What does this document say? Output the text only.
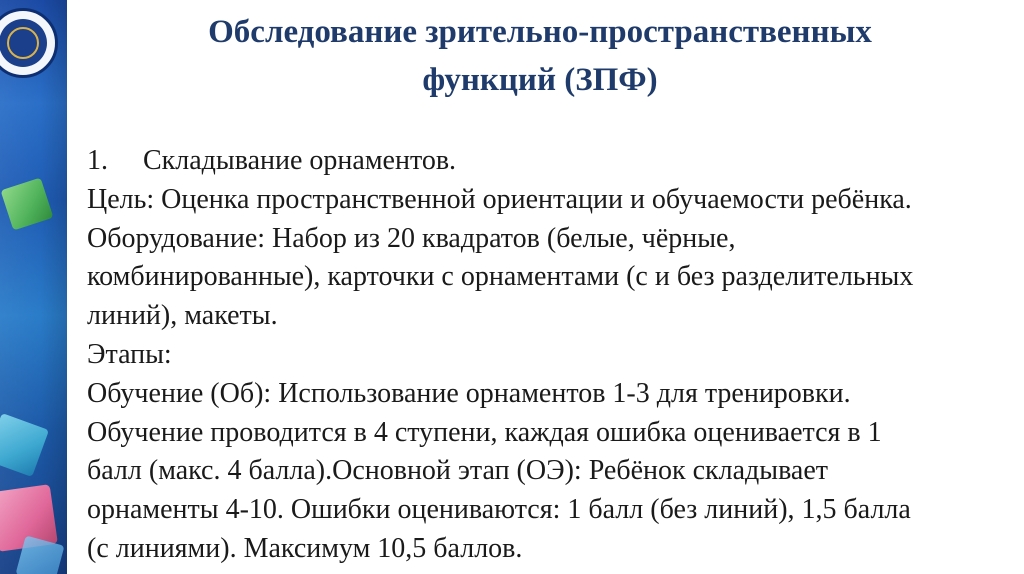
Обследование зрительно-пространственных
функций (ЗПФ)
1. Складывание орнаментов.
Цель: Оценка пространственной ориентации и обучаемости ребёнка.
Оборудование: Набор из 20 квадратов (белые, чёрные,
комбинированные), карточки с орнаментами (с и без разделительных
линий), макеты.
Этапы:
Обучение (Об): Использование орнаментов 1-3 для тренировки.
Обучение проводится в 4 ступени, каждая ошибка оценивается в 1
балл (макс. 4 балла).Основной этап (ОЭ): Ребёнок складывает
орнаменты 4-10. Ошибки оцениваются: 1 балл (без линий), 1,5 балла
(с линиями). Максимум 10,5 баллов.
